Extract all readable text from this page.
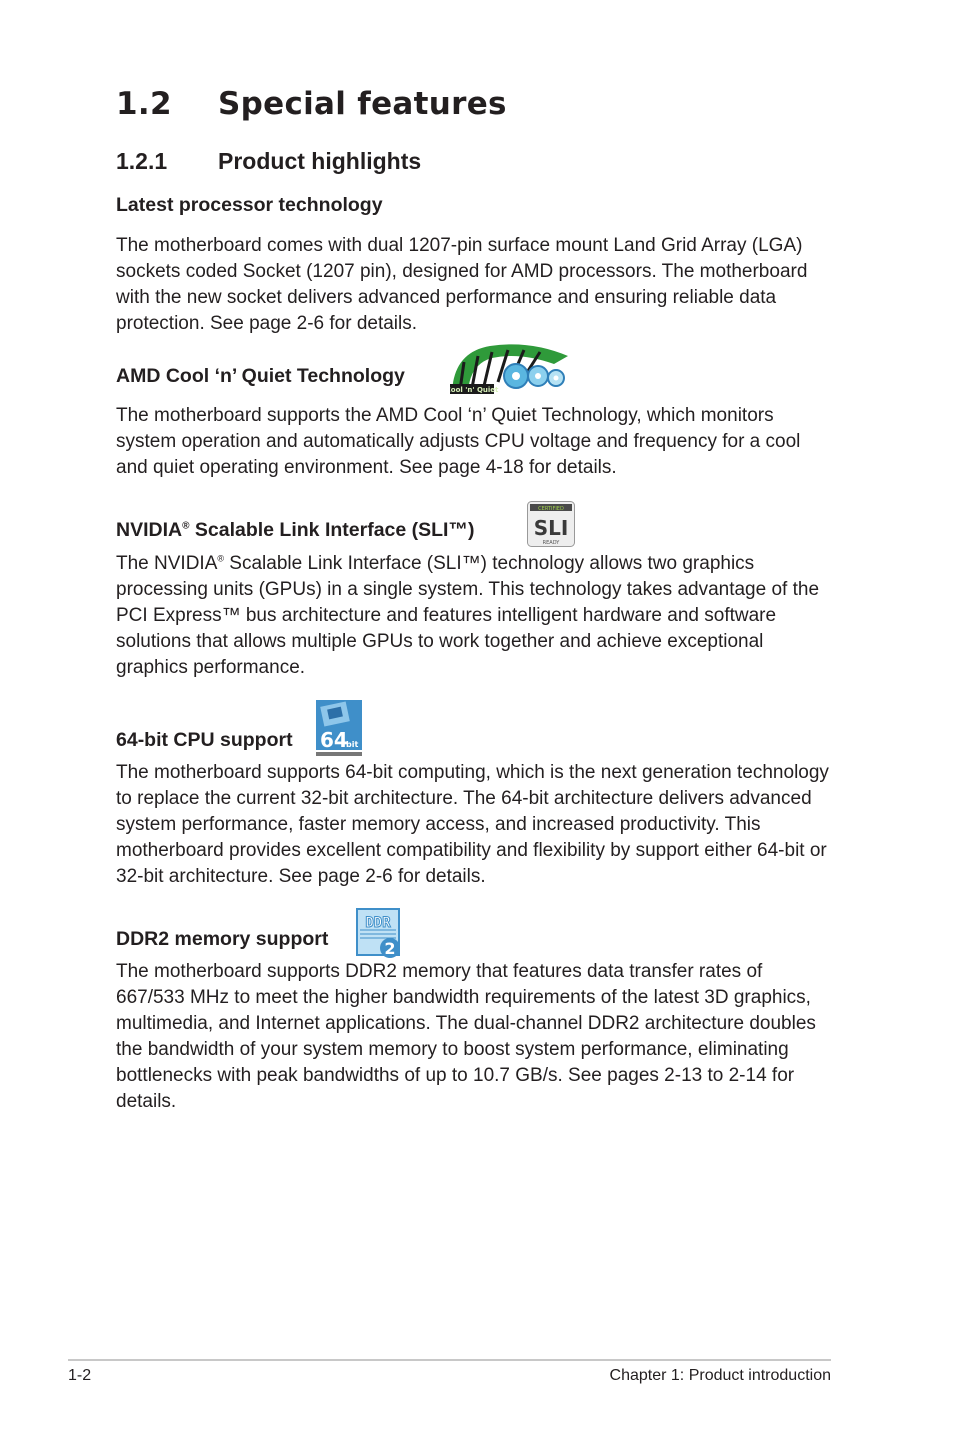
1.2 Special features
1.2.1 Product highlights
Latest processor technology

The motherboard comes with dual 1207-pin surface mount Land Grid Array (LGA) sockets coded Socket (1207 pin), designed for AMD processors. The motherboard with the new socket delivers advanced performance and ensuring reliable data protection. See page 2-6 for details.

AMD Cool ‘n’ Quiet Technology
Cool 'n' Quiet

The motherboard supports the AMD Cool ‘n’ Quiet Technology, which monitors system operation and automatically adjusts CPU voltage and frequency for a cool and quiet operating environment. See page 4-18 for details.

NVIDIA® Scalable Link Interface (SLI™)
CERTIFIED
SLI
READY

The NVIDIA® Scalable Link Interface (SLI™) technology allows two graphics processing units (GPUs) in a single system. This technology takes advantage of the PCI Express™ bus architecture and features intelligent hardware and software solutions that allows multiple GPUs to work together and achieve exceptional graphics performance.

64-bit CPU support 64
bit

The motherboard supports 64-bit computing, which is the next generation technology to replace the current 32-bit architecture. The 64-bit architecture delivers advanced system performance, faster memory access, and increased productivity. This motherboard provides excellent compatibility and flexibility by support either 64-bit or 32-bit architecture. See page 2-6 for details.

DDR2 memory support
DDR
2

The motherboard supports DDR2 memory that features data transfer rates of 667/533 MHz to meet the higher bandwidth requirements of the latest 3D graphics, multimedia, and Internet applications. The dual-channel DDR2 architecture doubles the bandwidth of your system memory to boost system performance, eliminating bottlenecks with peak bandwidths of up to 10.7 GB/s. See pages 2-13 to 2-14 for details.

1-2	Chapter 1: Product introduction
